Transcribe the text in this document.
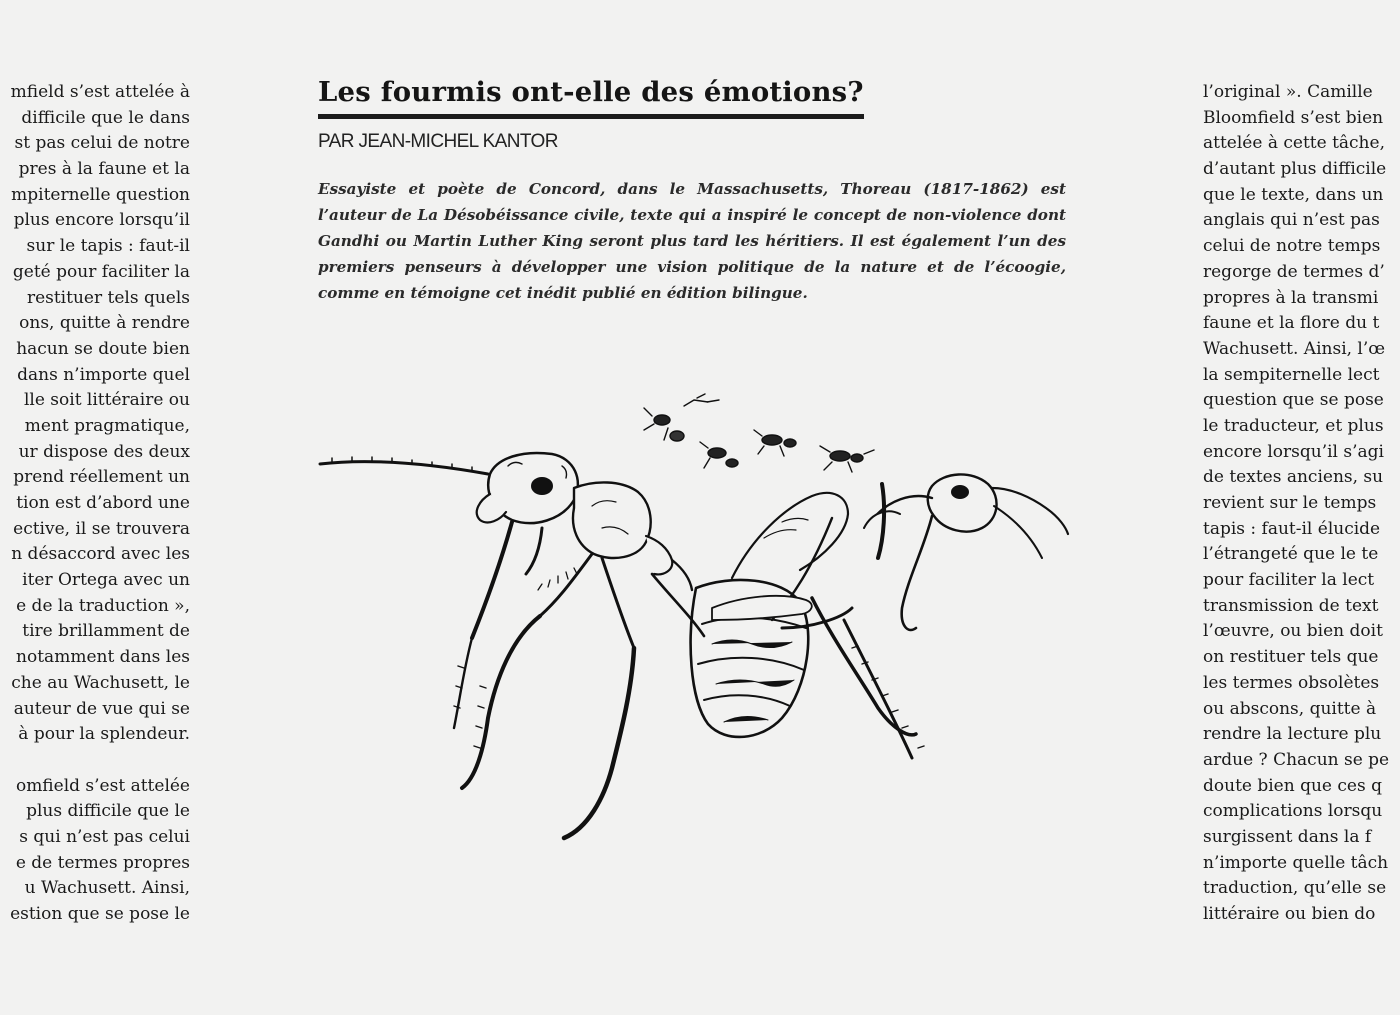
mfield s’est attelée à
difficile que le dans
st pas celui de notre
pres à la faune et la
mpiternelle question
plus encore lorsqu’il
sur le tapis : faut-il
geté pour faciliter la
restituer tels quels
ons, quitte à rendre
hacun se doute bien
dans n’importe quel
lle soit littéraire ou
ment pragmatique,
ur dispose des deux
prend réellement un
tion est d’abord une
ective, il se trouvera
n désaccord avec les
iter Ortega avec un
e de la traduction »,
tire brillamment de
notamment dans les
che au Wachusett, le
auteur de vue qui se
à pour la splendeur.
omfield s’est attelée
plus difficile que le
s qui n’est pas celui
e de termes propres
u Wachusett. Ainsi,
estion que se pose le
Les fourmis ont-elle des émotions?
PAR JEAN-MICHEL KANTOR

Essayiste et poète de Concord, dans le Massachusetts, Thoreau (1817-1862) est l’auteur de La Désobéissance civile, texte qui a inspiré le concept de non-violence dont Gandhi ou Martin Luther King seront plus tard les héritiers. Il est également l’un des premiers penseurs à développer une vision politique de la nature et de l’écoogie, comme en témoigne cet inédit publié en édition bilingue.

l’original ». Camille
Bloomfield s’est bien
attelée à cette tâche,
d’autant plus difficile
que le texte, dans un
anglais qui n’est pas
celui de notre temps
regorge de termes d’
propres à la transmi
faune et la flore du t
Wachusett. Ainsi, l’œ
la sempiternelle lect
question que se pose
le traducteur, et plus
encore lorsqu’il s’agi
de textes anciens, su
revient sur le temps
tapis : faut-il élucide
l’étrangeté que le te
pour faciliter la lect
transmission de text
l’œuvre, ou bien doit
on restituer tels que
les termes obsolètes
ou abscons, quitte à
rendre la lecture plu
ardue ? Chacun se pe
doute bien que ces q
complications lorsqu
surgissent dans la f
n’importe quelle tâch
traduction, qu’elle se
littéraire ou bien do
